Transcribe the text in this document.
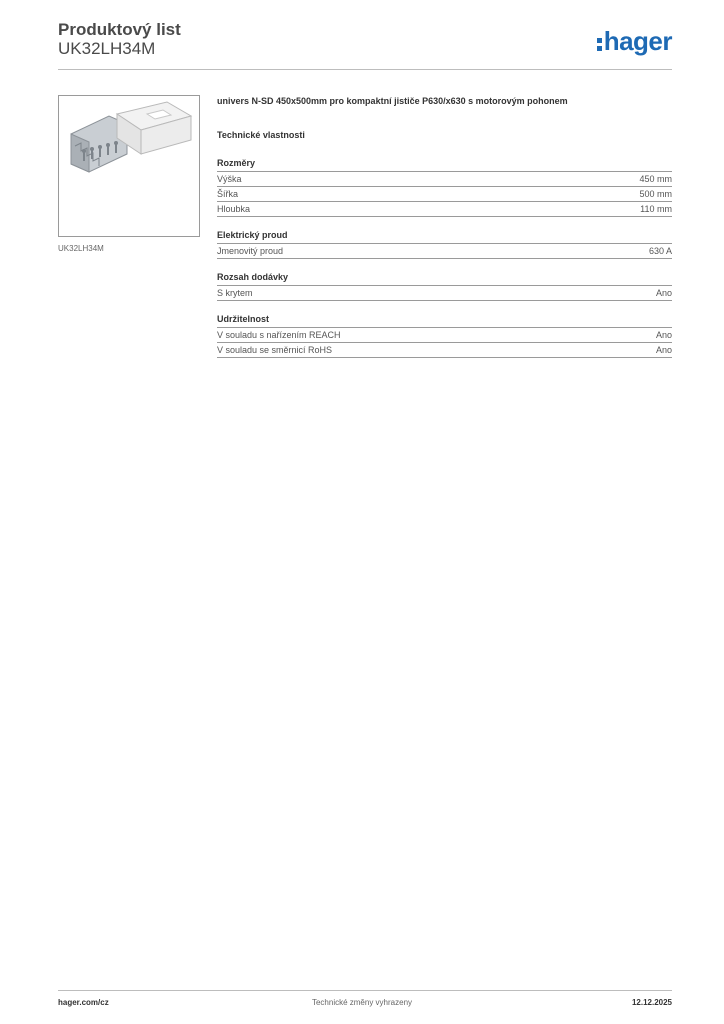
Produktový list
UK32LH34M	hager
UK32LH34M
univers N-SD 450x500mm pro kompaktní jističe P630/x630 s motorovým pohonem
Technické vlastnosti
Rozměry
Výška	450 mm
Šířka	500 mm
Hloubka	110 mm
Elektrický proud
Jmenovitý proud	630 A
Rozsah dodávky
S krytem	Ano
Udržitelnost
V souladu s nařízením REACH	Ano
V souladu se směrnicí RoHS	Ano
hager.com/cz	Technické změny vyhrazeny	12.12.2025
